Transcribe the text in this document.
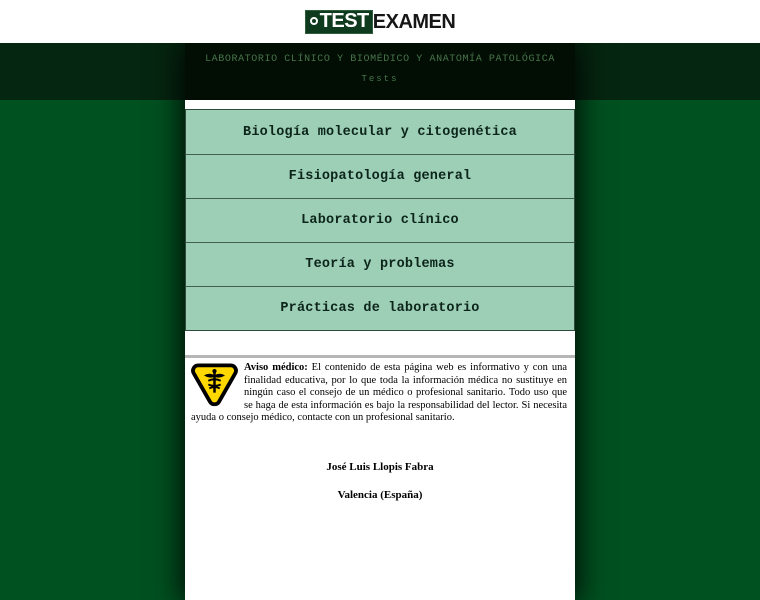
TEST EXAMEN
LABORATORIO CLÍNICO Y BIOMÉDICO Y ANATOMÍA PATOLÓGICA
Tests
Biología molecular y citogenética
Fisiopatología general
Laboratorio clínico
Teoría y problemas
Prácticas de laboratorio
Aviso médico: El contenido de esta página web es informativo y con una finalidad educativa, por lo que toda la información médica no sustituye en ningún caso el consejo de un médico o profesional sanitario. Todo uso que se haga de esta información es bajo la responsabilidad del lector. Si necesita ayuda o consejo médico, contacte con un profesional sanitario.
José Luis Llopis Fabra
Valencia (España)
